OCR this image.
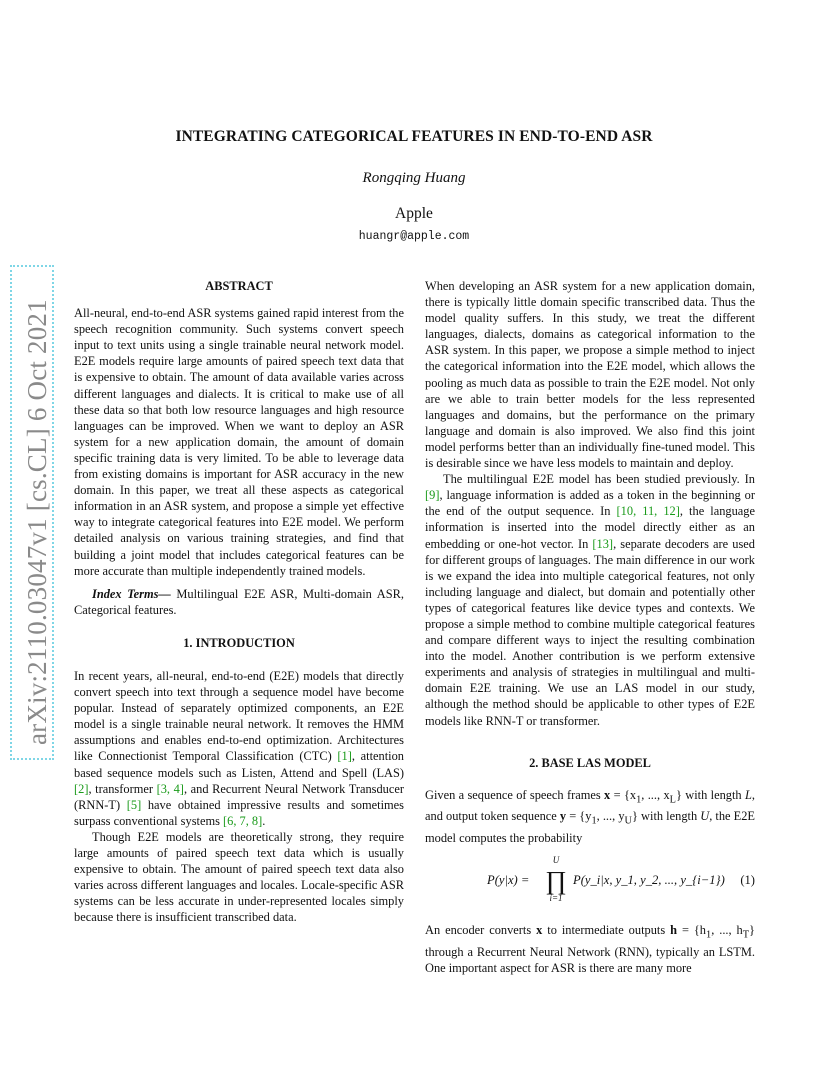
arXiv:2110.03047v1 [cs.CL] 6 Oct 2021
INTEGRATING CATEGORICAL FEATURES IN END-TO-END ASR
Rongqing Huang
Apple
huangr@apple.com

ABSTRACT

All-neural, end-to-end ASR systems gained rapid interest from the speech recognition community. Such systems convert speech input to text units using a single trainable neural network model. E2E models require large amounts of paired speech text data that is expensive to obtain. The amount of data available varies across different languages and dialects. It is critical to make use of all these data so that both low resource languages and high resource languages can be improved. When we want to deploy an ASR system for a new application domain, the amount of domain specific training data is very limited. To be able to leverage data from existing domains is important for ASR accuracy in the new domain. In this paper, we treat all these aspects as categorical information in an ASR system, and propose a simple yet effective way to integrate categorical features into E2E model. We perform detailed analysis on various training strategies, and find that building a joint model that includes categorical features can be more accurate than multiple independently trained models.

Index Terms— Multilingual E2E ASR, Multi-domain ASR, Categorical features.

1. INTRODUCTION

In recent years, all-neural, end-to-end (E2E) models that directly convert speech into text through a sequence model have become popular. Instead of separately optimized components, an E2E model is a single trainable neural network. It removes the HMM assumptions and enables end-to-end optimization. Architectures like Connectionist Temporal Classification (CTC) [1], attention based sequence models such as Listen, Attend and Spell (LAS) [2], transformer [3, 4], and Recurrent Neural Network Transducer (RNN-T) [5] have obtained impressive results and sometimes surpass conventional systems [6, 7, 8].

Though E2E models are theoretically strong, they require large amounts of paired speech text data which is usually expensive to obtain. The amount of paired speech text data also varies across different languages and locales. Locale-specific ASR systems can be less accurate in under-represented locales simply because there is insufficient transcribed data.

When developing an ASR system for a new application domain, there is typically little domain specific transcribed data. Thus the model quality suffers. In this study, we treat the different languages, dialects, domains as categorical information to the ASR system. In this paper, we propose a simple method to inject the categorical information into the E2E model, which allows the pooling as much data as possible to train the E2E model. Not only are we able to train better models for the less represented languages and domains, but the performance on the primary language and domain is also improved. We also find this joint model performs better than an individually fine-tuned model. This is desirable since we have less models to maintain and deploy.

The multilingual E2E model has been studied previously. In [9], language information is added as a token in the beginning or the end of the output sequence. In [10, 11, 12], the language information is inserted into the model directly either as an embedding or one-hot vector. In [13], separate decoders are used for different groups of languages. The main difference in our work is we expand the idea into multiple categorical features, not only including language and dialect, but domain and potentially other types of categorical features like device types and contexts. We propose a simple method to combine multiple categorical features and compare different ways to inject the resulting combination into the model. Another contribution is we perform extensive experiments and analysis of strategies in multilingual and multi-domain E2E training. We use an LAS model in our study, although the method should be applicable to other types of E2E models like RNN-T or transformer.

2. BASE LAS MODEL

Given a sequence of speech frames $x = \{x_1$, ..., $x_L$} with length L, and output token sequence $y = \{y_1$, ..., $y_U$} with length U, the E2E model computes the probability

P(y|x) =
U
∏
i=1
P(y_i|x, y_1, y_2, ..., y_{i−1}) (1)

An encoder converts x to intermediate outputs $h = \{h_1$, ..., $h_T$} through a Recurrent Neural Network (RNN), typically an LSTM. One important aspect for ASR is there are many more
